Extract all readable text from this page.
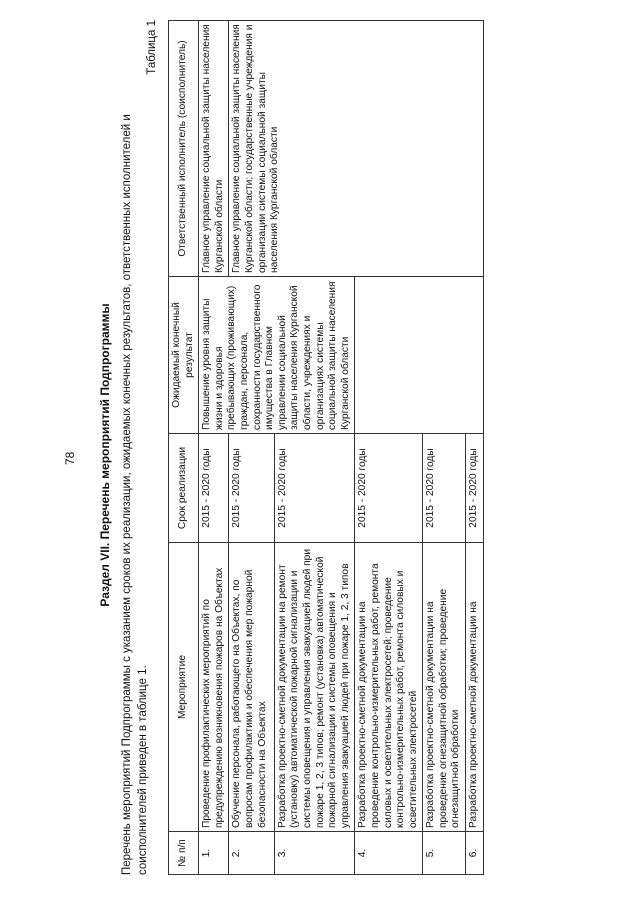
78 Раздел VII. Перечень мероприятий Подпрограммы Перечень мероприятий Подпрограммы с указанием сроков их реализации, ожидаемых конечных результатов, ответственных исполнителей и соисполнителей приведен в таблице 1.
Таблица 1
№ п/п	Мероприятие	Срок реализации	Ожидаемый конечный результат	Ответственный исполнитель (соисполнитель)
1.	Проведение профилактических мероприятий по предупреждению возникновения пожаров на Объектах	2015 - 2020 годы	Повышение уровня защиты жизни и здоровья пребывающих (проживающих) граждан, персонала, сохранности государственного имущества в Главном управлении социальной защиты населения Курганской области, учреждениях и организациях системы социальной защиты населения Курганской области	Главное управление социальной защиты населения Курганской области
2.	Обучение персонала, работающего на Объектах, по вопросам профилактики и обеспечения мер пожарной безопасности на Объектах	2015 - 2020 годы		Главное управление социальной защиты населения Курганской области; государственные учреждения и организации системы социальной защиты населения Курганской области
3.	Разработка проектно-сметной документации на ремонт (установку) автоматической пожарной сигнализации и системы оповещения и управления эвакуацией людей при пожаре 1, 2, 3 типов; ремонт (установка) автоматической пожарной сигнализации и системы оповещения и управления эвакуацией людей при пожаре 1, 2, 3 типов	2015 - 2020 годы		
4.	Разработка проектно-сметной документации на проведение контрольно-измерительных работ, ремонта силовых и осветительных электросетей; проведение контрольно-измерительных работ, ремонта силовых и осветительных электросетей	2015 - 2020 годы		
5.	Разработка проектно-сметной документации на проведение огнезащитной обработки; проведение огнезащитной обработки	2015 - 2020 годы		
6.	Разработка проектно-сметной документации на	2015 - 2020 годы		
